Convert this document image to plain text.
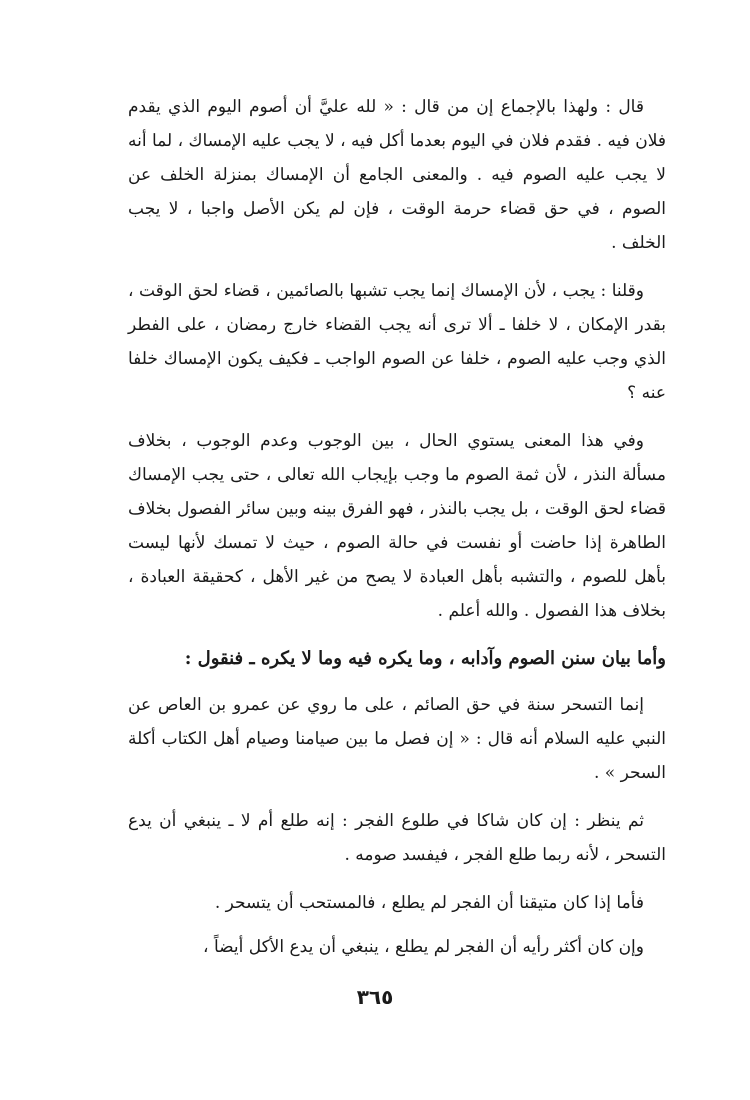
قال : ولهذا بالإجماع إن من قال : « لله عليَّ أن أصوم اليوم الذي يقدم فلان فيه . فقدم فلان في اليوم بعدما أكل فيه ، لا يجب عليه الإمساك ، لما أنه لا يجب عليه الصوم فيه . والمعنى الجامع أن الإمساك بمنزلة الخلف عن الصوم ، في حق قضاء حرمة الوقت ، فإن لم يكن الأصل واجبا ، لا يجب الخلف .

وقلنا : يجب ، لأن الإمساك إنما يجب تشبها بالصائمين ، قضاء لحق الوقت ، بقدر الإمكان ، لا خلفا ـ ألا ترى أنه يجب القضاء خارج رمضان ، على الفطر الذي وجب عليه الصوم ، خلفا عن الصوم الواجب ـ فكيف يكون الإمساك خلفا عنه ؟

وفي هذا المعنى يستوي الحال ، بين الوجوب وعدم الوجوب ، بخلاف مسألة النذر ، لأن ثمة الصوم ما وجب بإيجاب الله تعالى ، حتى يجب الإمساك قضاء لحق الوقت ، بل يجب بالنذر ، فهو الفرق بينه وبين سائر الفصول بخلاف الطاهرة إذا حاضت أو نفست في حالة الصوم ، حيث لا تمسك لأنها ليست بأهل للصوم ، والتشبه بأهل العبادة لا يصح من غير الأهل ، كحقيقة العبادة ، بخلاف هذا الفصول . والله أعلم .

وأما بيان سنن الصوم وآدابه ، وما يكره فيه وما لا يكره ـ فنقول :

إنما التسحر سنة في حق الصائم ، على ما روي عن عمرو بن العاص عن النبي عليه السلام أنه قال : « إن فصل ما بين صيامنا وصيام أهل الكتاب أكلة السحر » .

ثم ينظر : إن كان شاكا في طلوع الفجر : إنه طلع أم لا ـ ينبغي أن يدع التسحر ، لأنه ربما طلع الفجر ، فيفسد صومه .

فأما إذا كان متيقنا أن الفجر لم يطلع ، فالمستحب أن يتسحر .

وإن كان أكثر رأيه أن الفجر لم يطلع ، ينبغي أن يدع الأكل أيضاً ،

٣٦٥
